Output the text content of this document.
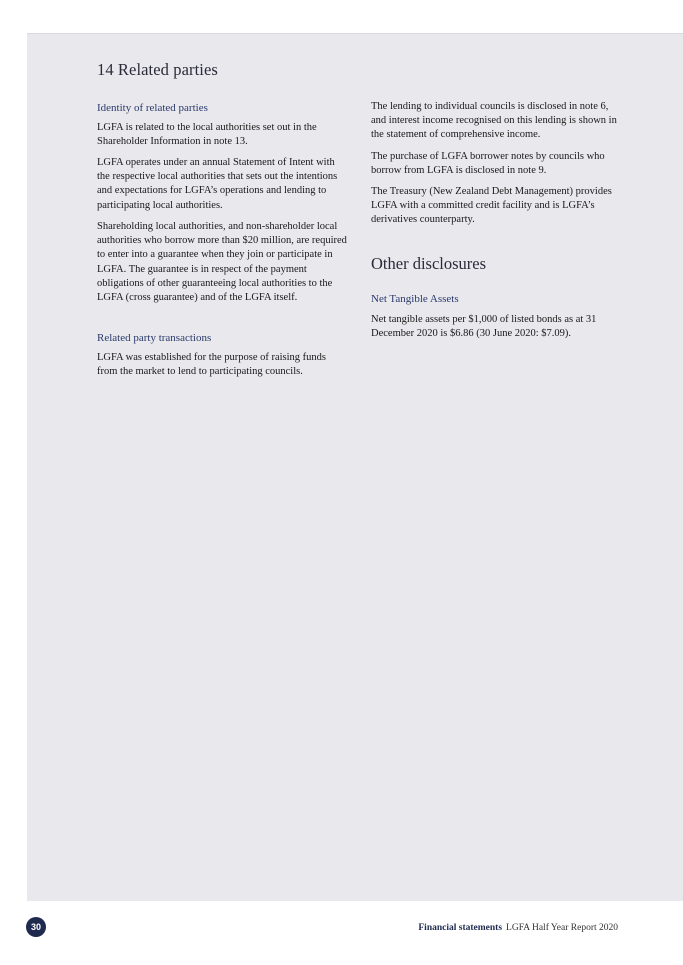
14 Related parties
Identity of related parties

LGFA is related to the local authorities set out in the Shareholder Information in note 13.

LGFA operates under an annual Statement of Intent with the respective local authorities that sets out the intentions and expectations for LGFA’s operations and lending to participating local authorities.

Shareholding local authorities, and non-shareholder local authorities who borrow more than $20 million, are required to enter into a guarantee when they join or participate in LGFA. The guarantee is in respect of the payment obligations of other guaranteeing local authorities to the LGFA (cross guarantee) and of the LGFA itself.

Related party transactions

LGFA was established for the purpose of raising funds from the market to lend to participating councils.

The lending to individual councils is disclosed in note 6, and interest income recognised on this lending is shown in the statement of comprehensive income.

The purchase of LGFA borrower notes by councils who borrow from LGFA is disclosed in note 9.

The Treasury (New Zealand Debt Management) provides LGFA with a committed credit facility and is LGFA’s derivatives counterparty.

Other disclosures
Net Tangible Assets

Net tangible assets per $1,000 of listed bonds as at 31 December 2020 is $6.86 (30 June 2020: $7.09).

30	Financial statements LGFA Half Year Report 2020
